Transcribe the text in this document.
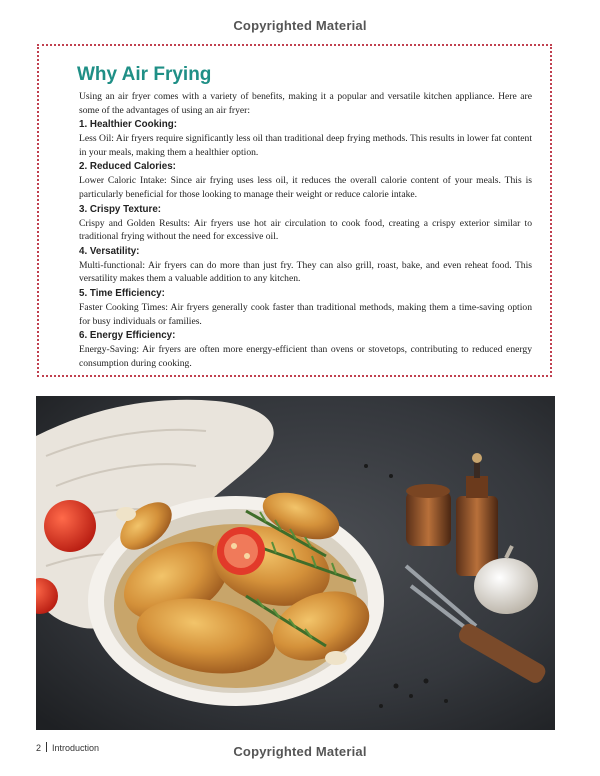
Copyrighted Material
Why Air Frying

Using an air fryer comes with a variety of benefits, making it a popular and versatile kitchen appliance. Here are some of the advantages of using an air fryer:

1. Healthier Cooking:

Less Oil: Air fryers require significantly less oil than traditional deep frying methods. This results in lower fat content in your meals, making them a healthier option.

2. Reduced Calories:

Lower Caloric Intake: Since air frying uses less oil, it reduces the overall calorie content of your meals. This is particularly beneficial for those looking to manage their weight or reduce calorie intake.

3. Crispy Texture:

Crispy and Golden Results: Air fryers use hot air circulation to cook food, creating a crispy exterior similar to traditional frying without the need for excessive oil.

4. Versatility:

Multi-functional: Air fryers can do more than just fry. They can also grill, roast, bake, and even reheat food. This versatility makes them a valuable addition to any kitchen.

5. Time Efficiency:

Faster Cooking Times: Air fryers generally cook faster than traditional methods, making them a time-saving option for busy individuals or families.

6. Energy Efficiency:

Energy-Saving: Air fryers are often more energy-efficient than ovens or stovetops, contributing to reduced energy consumption during cooking.

2 Introduction	Copyrighted Material
